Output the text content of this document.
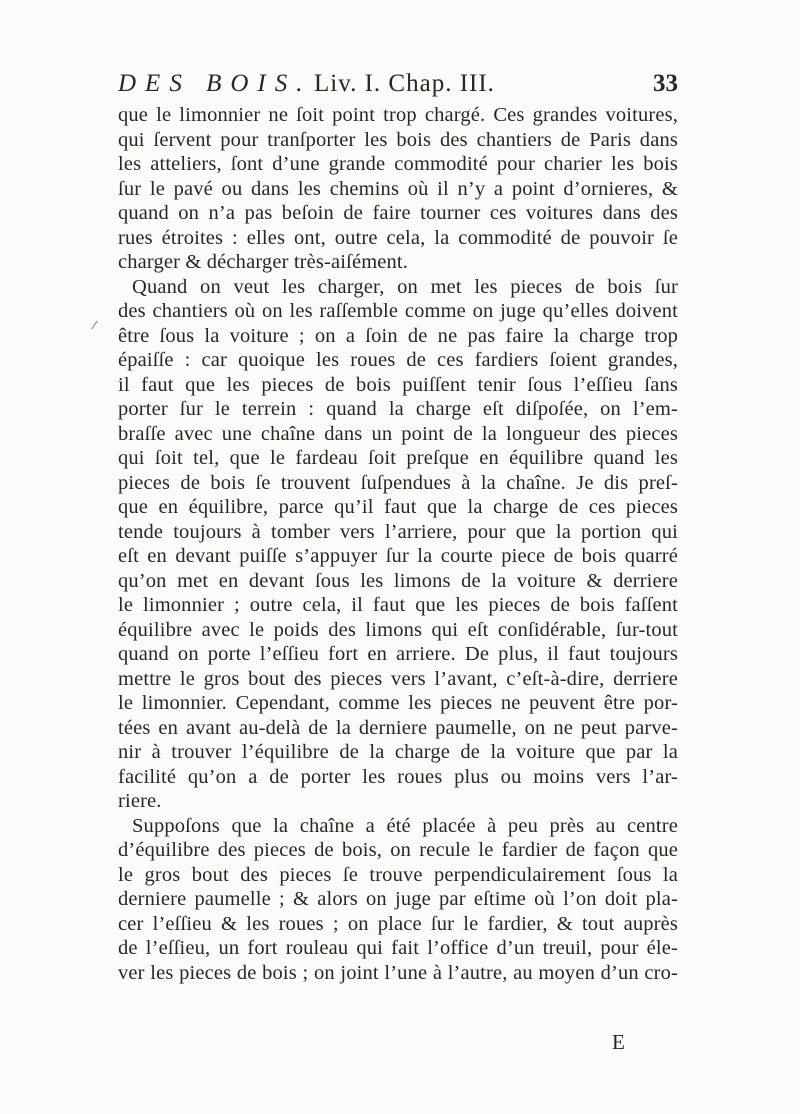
DES BOIS. Liv. I. Chap. III.	33
que le limonnier ne ſoit point trop chargé. Ces grandes voitures,
qui ſervent pour tranſporter les bois des chantiers de Paris dans
les atteliers, ſont d’une grande commodité pour charier les bois
ſur le pavé ou dans les chemins où il n’y a point d’ornieres, &
quand on n’a pas beſoin de faire tourner ces voitures dans des
rues étroites : elles ont, outre cela, la commodité de pouvoir ſe
charger & décharger très-aiſément.
Quand on veut les charger, on met les pieces de bois ſur
des chantiers où on les raſſemble comme on juge qu’elles doivent
être ſous la voiture ; on a ſoin de ne pas faire la charge trop
épaiſſe : car quoique les roues de ces fardiers ſoient grandes,
il faut que les pieces de bois puiſſent tenir ſous l’eſſieu ſans
porter ſur le terrein : quand la charge eſt diſpoſée, on l’em-
braſſe avec une chaîne dans un point de la longueur des pieces
qui ſoit tel, que le fardeau ſoit preſque en équilibre quand les
pieces de bois ſe trouvent ſuſpendues à la chaîne. Je dis preſ-
que en équilibre, parce qu’il faut que la charge de ces pieces
tende toujours à tomber vers l’arriere, pour que la portion qui
eſt en devant puiſſe s’appuyer ſur la courte piece de bois quarré
qu’on met en devant ſous les limons de la voiture & derriere
le limonnier ; outre cela, il faut que les pieces de bois faſſent
équilibre avec le poids des limons qui eſt conſidérable, ſur-tout
quand on porte l’eſſieu fort en arriere. De plus, il faut toujours
mettre le gros bout des pieces vers l’avant, c’eſt-à-dire, derriere
le limonnier. Cependant, comme les pieces ne peuvent être por-
tées en avant au-delà de la derniere paumelle, on ne peut parve-
nir à trouver l’équilibre de la charge de la voiture que par la
facilité qu’on a de porter les roues plus ou moins vers l’ar-
riere.
Suppoſons que la chaîne a été placée à peu près au centre
d’équilibre des pieces de bois, on recule le fardier de façon que
le gros bout des pieces ſe trouve perpendiculairement ſous la
derniere paumelle ; & alors on juge par eſtime où l’on doit pla-
cer l’eſſieu & les roues ; on place ſur le fardier, & tout auprès
de l’eſſieu, un fort rouleau qui fait l’office d’un treuil, pour éle-
ver les pieces de bois ; on joint l’une à l’autre, au moyen d’un cro-
E
